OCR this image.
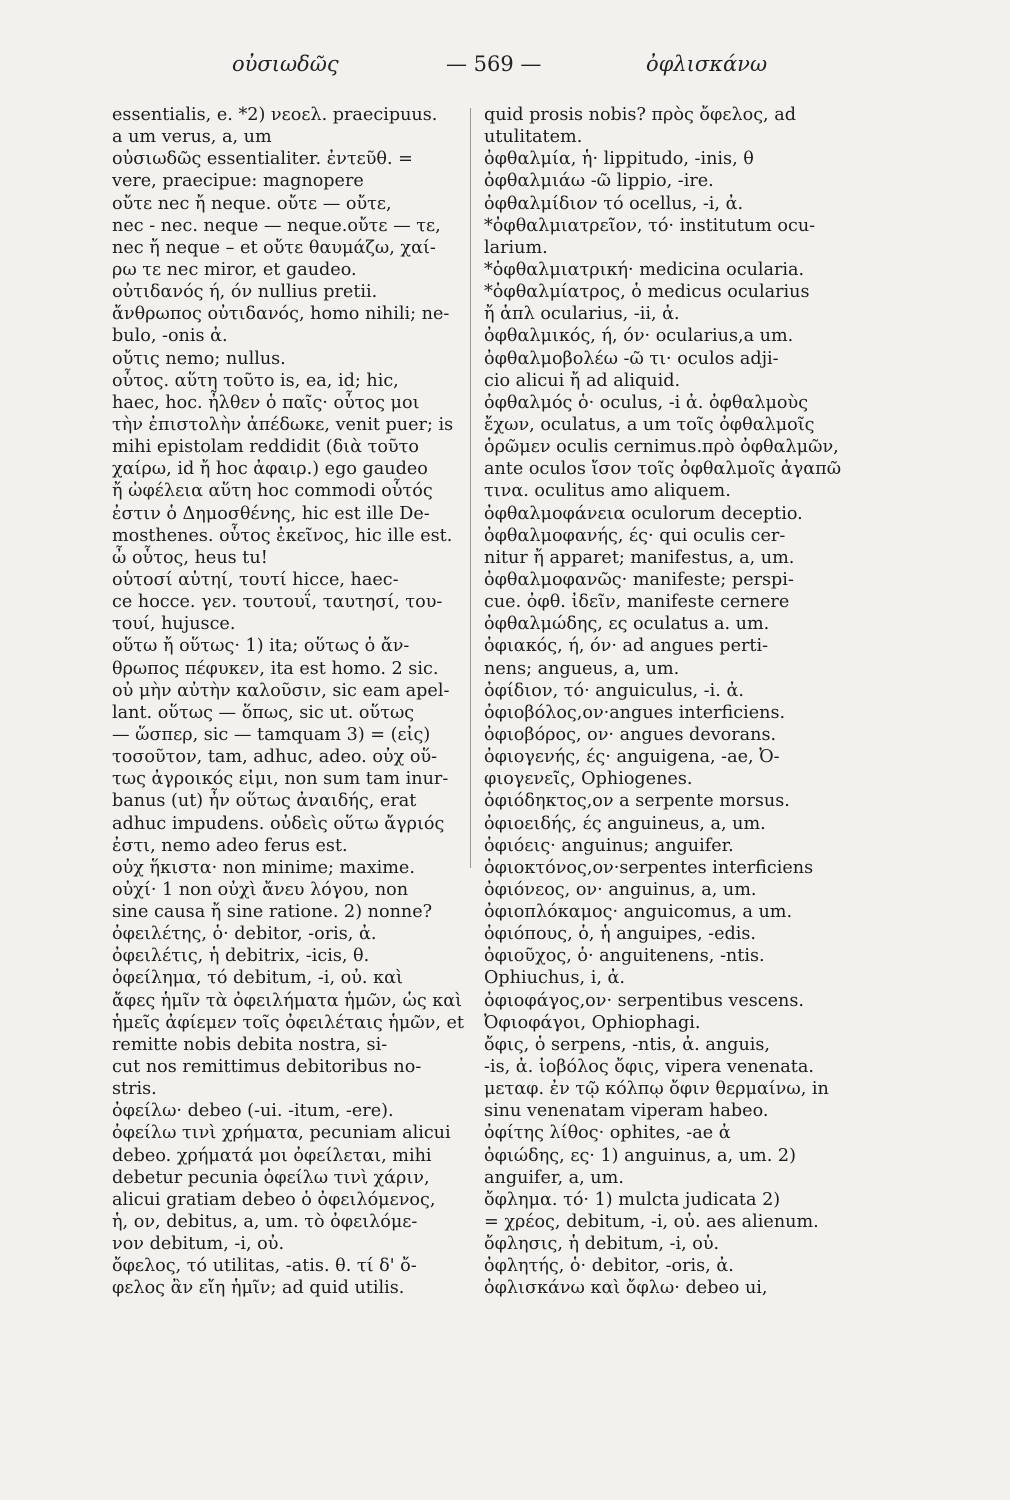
οὐσιωδῶς	— 569 —	ὀφλισκάνω
essentialis, e. *2) νεοελ. praecipuus.
a um verus, a, um
οὐσιωδῶς essentialiter. ἐντεῦθ. =
vere, praecipue: magnopere
οὔτε nec ἤ neque. οὔτε — οὔτε,
nec - nec. neque — neque.οὔτε — τε,
nec ἤ neque – et οὔτε θαυμάζω, χαί-
ρω τε nec miror, et gaudeo.
οὐτιδανός ή, όν nullius pretii.
ἄνθρωπος οὐτιδανός, homo nihili; ne-
bulo, -onis ἀ.
οὔτις nemo; nullus.
οὗτος. αὕτη τοῦτο is, ea, id; hic,
haec, hoc. ἦλθεν ὁ παῖς· οὗτος μοι
τὴν ἐπιστολὴν ἀπέδωκε, venit puer; is
mihi epistolam reddidit (διὰ τοῦτο
χαίρω, id ἤ hoc ἀφαιρ.) ego gaudeo
ἤ ὠφέλεια αὕτη hoc commodi οὗτός
ἐστιν ὁ Δημοσθένης, hic est ille De-
mosthenes. οὗτος ἐκεῖνος, hic ille est.
ὦ οὗτος, heus tu!
οὑτοσί αὑτηί, τουτί hicce, haec-
ce hocce. γεν. τουτουΐ, ταυτησί, του-
τουί, hujusce.
οὕτω ἤ οὕτως· 1) ita; οὕτως ὁ ἄν-
θρωπος πέφυκεν, ita est homo. 2 sic.
οὐ μὴν αὐτὴν καλοῦσιν, sic eam apel-
lant. οὕτως — ὅπως, sic ut. οὕτως
— ὥσπερ, sic — tamquam 3) = (εἰς)
τοσοῦτον, tam, adhuc, adeo. οὐχ οὕ-
τως ἀγροικός εἰμι, non sum tam inur-
banus (ut) ἦν οὕτως ἀναιδής, erat
adhuc impudens. οὐδεὶς οὕτω ἄγριός
ἐστι, nemo adeo ferus est.
οὐχ ἥκιστα· non minime; maxime.
οὐχί· 1 non οὐχὶ ἄνευ λόγου, non
sine causa ἤ sine ratione. 2) nonne?
ὀφειλέτης, ὁ· debitor, -oris, ἀ.
ὀφειλέτις, ἡ debitrix, -icis, θ.
ὀφείλημα, τό debitum, -i, οὐ. καὶ
ἄφες ἡμῖν τὰ ὀφειλήματα ἡμῶν, ὡς καὶ
ἡμεῖς ἀφίεμεν τοῖς ὀφειλέταις ἡμῶν, et
remitte nobis debita nostra, si-
cut nos remittimus debitoribus no-
stris.
ὀφείλω· debeo (-ui. -itum, -ere).
ὀφείλω τινὶ χρήματα, pecuniam alicui
debeo. χρήματά μοι ὀφείλεται, mihi
debetur pecunia ὀφείλω τινὶ χάριν,
alicui gratiam debeo ὁ ὀφειλόμενος,
ἡ, ον, debitus, a, um. τὸ ὀφειλόμε-
νον debitum, -i, οὐ.
ὄφελος, τό utilitas, -atis. θ. τί δ' ὄ-
φελος ἂν εἴη ἡμῖν; ad quid utilis.
quid prosis nobis? πρὸς ὄφελος, ad
utulitatem.
ὀφθαλμία, ἡ· lippitudo, -inis, θ
ὀφθαλμιάω -ῶ lippio, -ire.
ὀφθαλμίδιον τό ocellus, -i, ἀ.
*ὀφθαλμιατρεῖον, τό· institutum ocu-
larium.
*ὀφθαλμιατρική· medicina ocularia.
*ὀφθαλμίατρος, ὁ medicus ocularius
ἤ ἁπλ ocularius, -ii, ἀ.
ὀφθαλμικός, ή, όν· ocularius,a um.
ὀφθαλμοβολέω -ῶ τι· oculos adji-
cio alicui ἤ ad aliquid.
ὀφθαλμός ὁ· oculus, -i ἀ. ὀφθαλμοὺς
ἔχων, oculatus, a um τοῖς ὀφθαλμοῖς
ὁρῶμεν oculis cernimus.πρὸ ὀφθαλμῶν,
ante oculos ἴσον τοῖς ὀφθαλμοῖς ἀγαπῶ
τινα. oculitus amo aliquem.
ὀφθαλμοφάνεια oculorum deceptio.
ὀφθαλμοφανής, ές· qui oculis cer-
nitur ἤ apparet; manifestus, a, um.
ὀφθαλμοφανῶς· manifeste; perspi-
cue. ὀφθ. ἰδεῖν, manifeste cernere
ὀφθαλμώδης, ες oculatus a. um.
ὀφιακός, ή, όν· ad angues perti-
nens; angueus, a, um.
ὀφίδιον, τό· anguiculus, -i. ἀ.
ὀφιοβόλος,ον·angues interficiens.
ὀφιοβόρος, ον· angues devorans.
ὀφιογενής, ές· anguigena, -ae, Ὀ-
φιογενεῖς, Ophiogenes.
ὀφιόδηκτος,ον a serpente morsus.
ὀφιοειδής, ές anguineus, a, um.
ὀφιόεις· anguinus; anguifer.
ὀφιοκτόνος,ον·serpentes interficiens
ὀφιόνεος, ον· anguinus, a, um.
ὀφιοπλόκαμος· anguicomus, a um.
ὀφιόπους, ὁ, ἡ anguipes, -edis.
ὀφιοῦχος, ὁ· anguitenens, -ntis.
Ophiuchus, i, ἀ.
ὀφιοφάγος,ον· serpentibus vescens.
Ὀφιοφάγοι, Ophiophagi.
ὄφις, ὁ serpens, -ntis, ἀ. anguis,
-is, ἀ. ἰοβόλος ὄφις, vipera venenata.
μεταφ. ἐν τῷ κόλπῳ ὄφιν θερμαίνω, in
sinu venenatam viperam habeo.
ὀφίτης λίθος· ophites, -ae ἀ
ὀφιώδης, ες· 1) anguinus, a, um. 2)
anguifer, a, um.
ὄφλημα. τό· 1) mulcta judicata 2)
= χρέος, debitum, -i, οὐ. aes alienum.
ὄφλησις, ἡ debitum, -i, οὐ.
ὀφλητής, ὁ· debitor, -oris, ἀ.
ὀφλισκάνω καὶ ὄφλω· debeo ui,
